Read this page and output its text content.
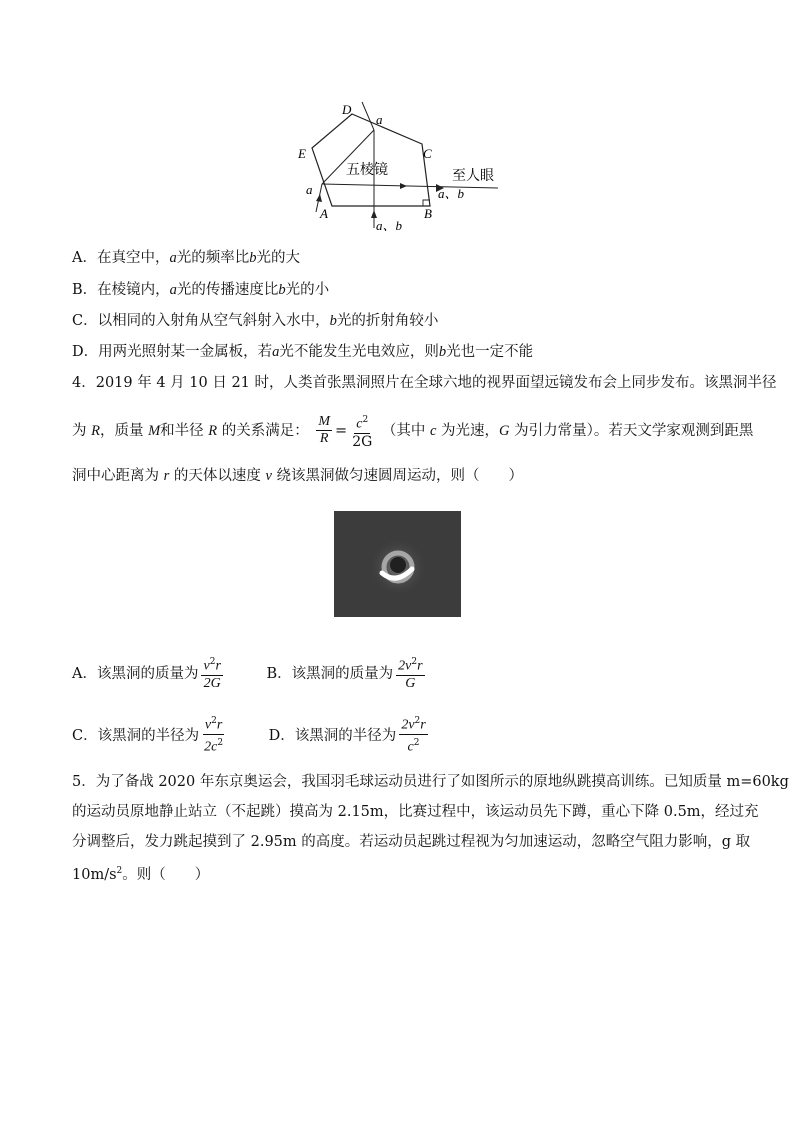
D
a
E	C
五棱镜	至人眼
a	a、b
A	B
a、b
A．在真空中，a光的频率比b光的大
B．在棱镜内，a光的传播速度比b光的小
C．以相同的入射角从空气斜射入水中，b光的折射角较小
D．用两光照射某一金属板，若a光不能发生光电效应，则b光也一定不能
4．2019 年 4 月 10 日 21 时，人类首张黑洞照片在全球六地的视界面望远镜发布会上同步发布。该黑洞半径
为 R，质量 M和半径 R 的关系满足： $\frac{M}{R} = \frac{c^2}{2G}$ （其中 c 为光速，G 为引力常量）。若天文学家观测到距黑
洞中心距离为 r 的天体以速度 v 绕该黑洞做匀速圆周运动，则（　　）
A． 该黑洞的质量为 $\frac{v^2r}{2G}$
	B． 该黑洞的质量为 $\frac{2v^2r}{G}$
C． 该黑洞的半径为 $\frac{v^2r}{2c^2}$
	D． 该黑洞的半径为 $\frac{2v^2r}{c^2}$
5．为了备战 2020 年东京奥运会，我国羽毛球运动员进行了如图所示的原地纵跳摸高训练。已知质量 m=60kg
的运动员原地静止站立（不起跳）摸高为 2.15m，比赛过程中，该运动员先下蹲，重心下降 0.5m，经过充
分调整后，发力跳起摸到了 2.95m 的高度。若运动员起跳过程视为匀加速运动，忽略空气阻力影响，g 取
$10m/s^2$。则（　　）
